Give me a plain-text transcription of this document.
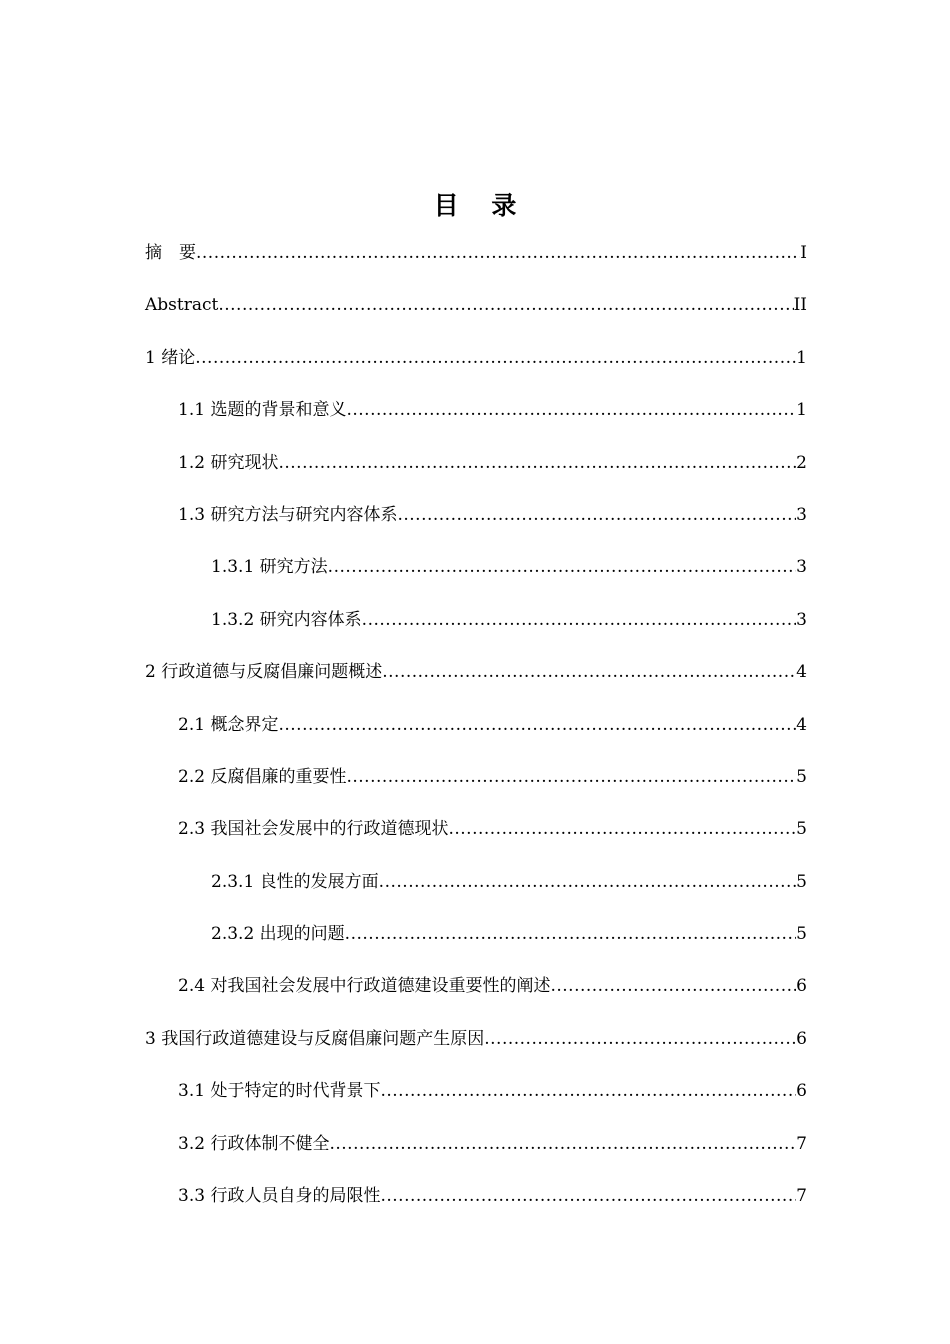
目 录
摘　要 .....	I
Abstract .....	II
1 绪论 .....	1
1.1 选题的背景和意义 .....	1
1.2 研究现状 .....	2
1.3 研究方法与研究内容体系 .....	3
1.3.1 研究方法 .....	3
1.3.2 研究内容体系 .....	3
2 行政道德与反腐倡廉问题概述 .....	4
2.1 概念界定 .....	4
2.2 反腐倡廉的重要性 .....	5
2.3 我国社会发展中的行政道德现状 .....	5
2.3.1 良性的发展方面 .....	5
2.3.2 出现的问题 .....	5
2.4 对我国社会发展中行政道德建设重要性的阐述 .....	6
3 我国行政道德建设与反腐倡廉问题产生原因 .....	6
3.1 处于特定的时代背景下 .....	6
3.2 行政体制不健全 .....	7
3.3 行政人员自身的局限性 .....	7
